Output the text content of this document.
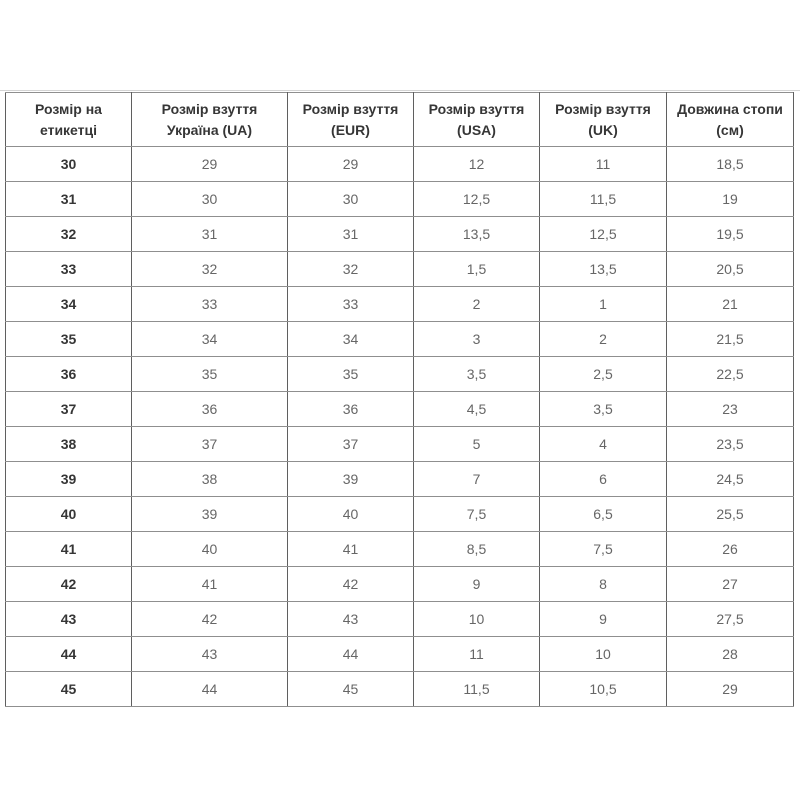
Розмір на етикетці	Розмір взуття Україна (UA)	Розмір взуття (EUR)	Розмір взуття (USA)	Розмір взуття (UK)	Довжина стопи (см)
30	29	29	12	11	18,5
31	30	30	12,5	11,5	19
32	31	31	13,5	12,5	19,5
33	32	32	1,5	13,5	20,5
34	33	33	2	1	21
35	34	34	3	2	21,5
36	35	35	3,5	2,5	22,5
37	36	36	4,5	3,5	23
38	37	37	5	4	23,5
39	38	39	7	6	24,5
40	39	40	7,5	6,5	25,5
41	40	41	8,5	7,5	26
42	41	42	9	8	27
43	42	43	10	9	27,5
44	43	44	11	10	28
45	44	45	11,5	10,5	29
